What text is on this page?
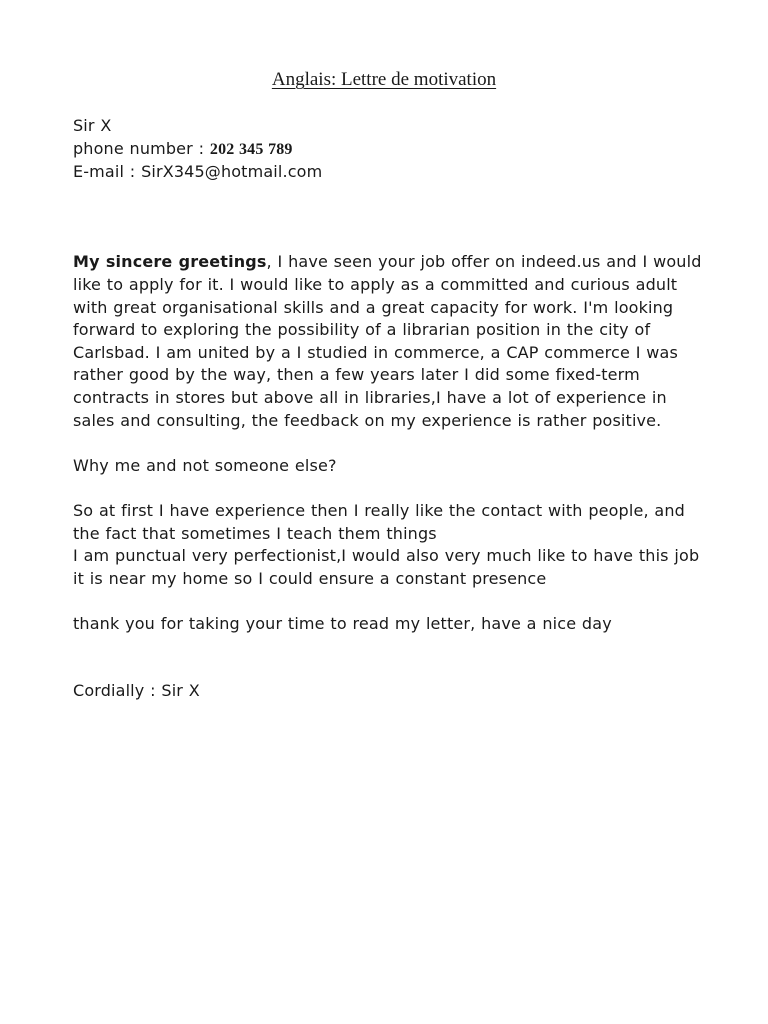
Anglais: Lettre de motivation

Sir X

phone number : 202 345 789

E-mail : SirX345@hotmail.com

My sincere greetings, I have seen your job offer on indeed.us and I would like to apply for it. I would like to apply as a committed and curious adult with great organisational skills and a great capacity for work. I'm looking forward to exploring the possibility of a librarian position in the city of Carlsbad. I am united by a I studied in commerce, a CAP commerce I was rather good by the way, then a few years later I did some fixed-term contracts in stores but above all in libraries,I have a lot of experience in sales and consulting, the feedback on my experience is rather positive.

Why me and not someone else?

So at first I have experience then I really like the contact with people, and the fact that sometimes I teach them things

I am punctual very perfectionist,I would also very much like to have this job it is near my home so I could ensure a constant presence

thank you for taking your time to read my letter, have a nice day

Cordially : Sir X
